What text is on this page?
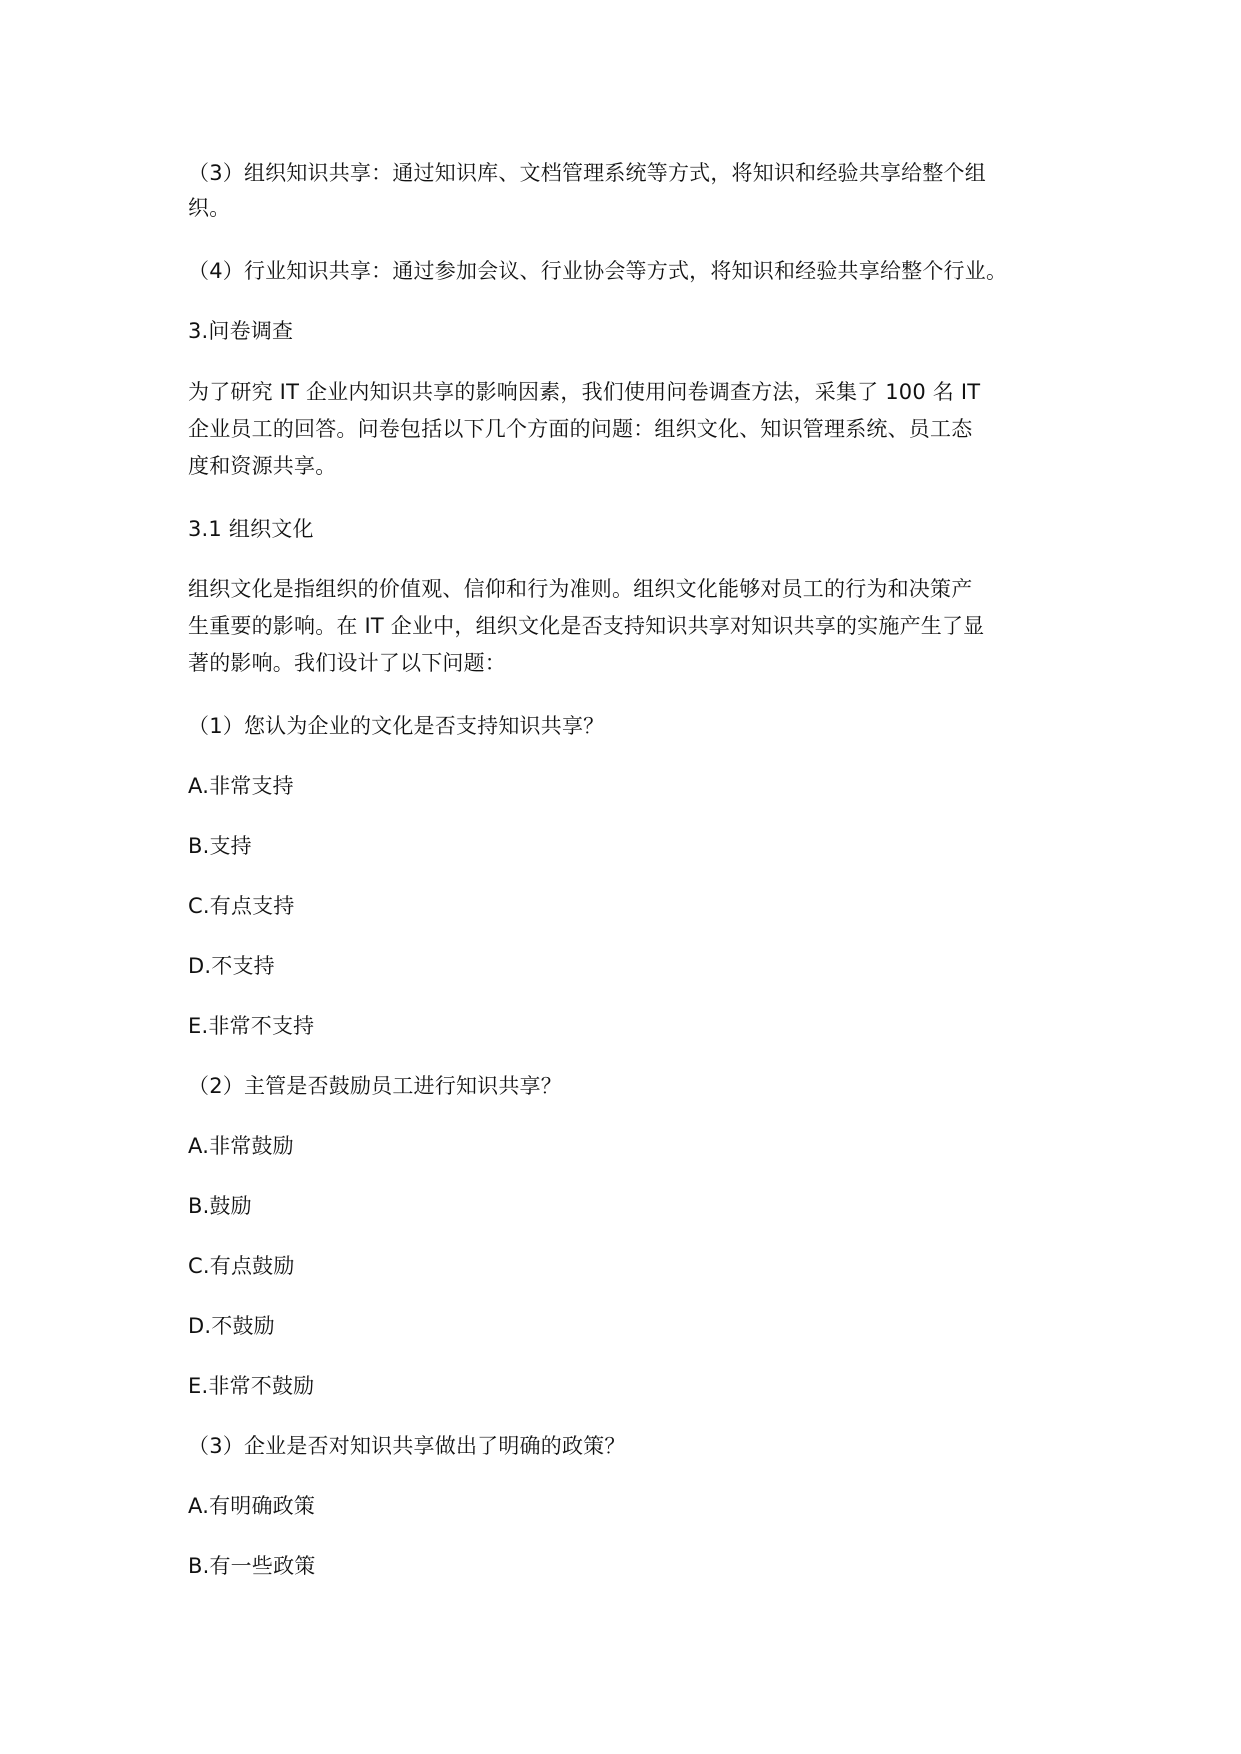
（3）组织知识共享：通过知识库、文档管理系统等方式，将知识和经验共享给整个组
织。
（4）行业知识共享：通过参加会议、行业协会等方式，将知识和经验共享给整个行业。
3.问卷调查
为了研究 IT 企业内知识共享的影响因素，我们使用问卷调查方法，采集了 100 名 IT
企业员工的回答。问卷包括以下几个方面的问题：组织文化、知识管理系统、员工态
度和资源共享。
3.1 组织文化
组织文化是指组织的价值观、信仰和行为准则。组织文化能够对员工的行为和决策产
生重要的影响。在 IT 企业中，组织文化是否支持知识共享对知识共享的实施产生了显
著的影响。我们设计了以下问题：
（1）您认为企业的文化是否支持知识共享？
A.非常支持
B.支持
C.有点支持
D.不支持
E.非常不支持
（2）主管是否鼓励员工进行知识共享？
A.非常鼓励
B.鼓励
C.有点鼓励
D.不鼓励
E.非常不鼓励
（3）企业是否对知识共享做出了明确的政策？
A.有明确政策
B.有一些政策
